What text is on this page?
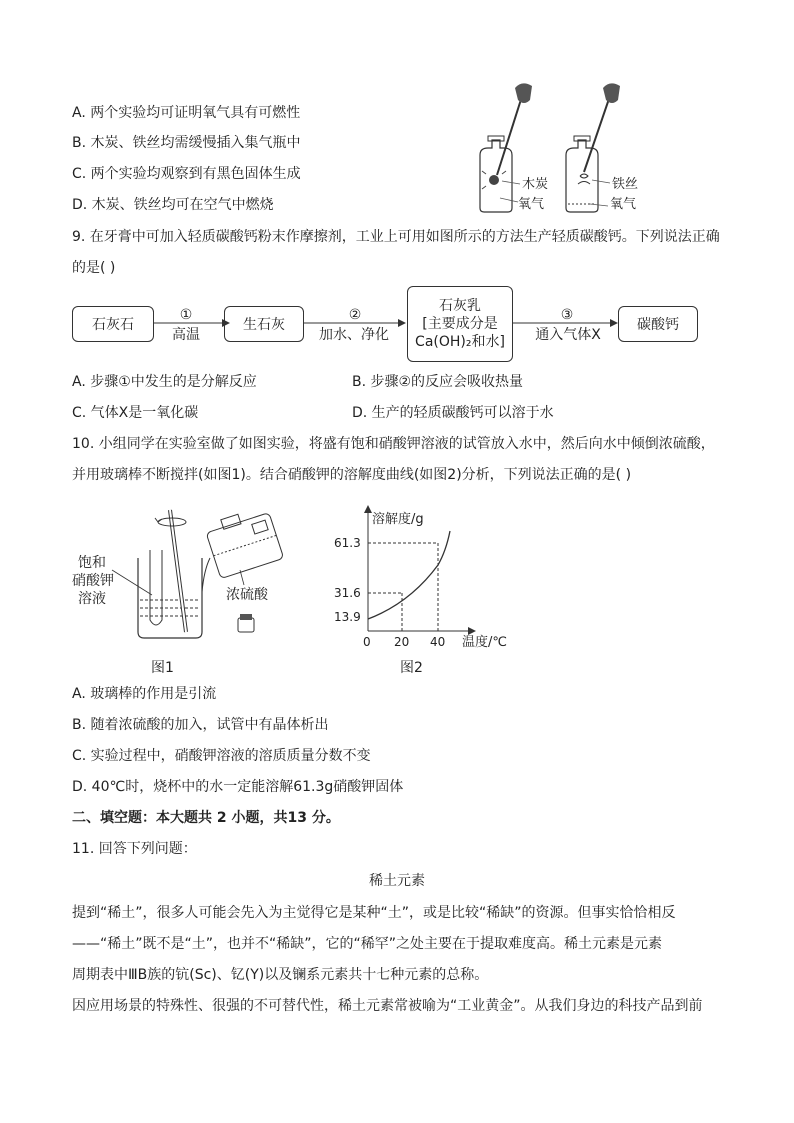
A. 两个实验均可证明氧气具有可燃性
B. 木炭、铁丝均需缓慢插入集气瓶中
C. 两个实验均观察到有黑色固体生成
D. 木炭、铁丝均可在空气中燃烧
木炭
氧气
铁丝
氧气
9. 在牙膏中可加入轻质碳酸钙粉末作摩擦剂，工业上可用如图所示的方法生产轻质碳酸钙。下列说法正确
的是( )
石灰石	生石灰
石灰乳
[主要成分是
Ca(OH)₂和水]
碳酸钙
①
高温
②
加水、净化
③
通入气体X
A. 步骤①中发生的是分解反应	B. 步骤②的反应会吸收热量
C. 气体X是一氧化碳	D. 生产的轻质碳酸钙可以溶于水
10. 小组同学在实验室做了如图实验，将盛有饱和硝酸钾溶液的试管放入水中，然后向水中倾倒浓硫酸，
并用玻璃棒不断搅拌(如图1)。结合硝酸钾的溶解度曲线(如图2)分析，下列说法正确的是( )
饱和
硝酸钾
溶液	浓硫酸
图1
溶解度/g
61.3
31.6
13.9
0 20 40 温度/℃
图2
A. 玻璃棒的作用是引流
B. 随着浓硫酸的加入，试管中有晶体析出
C. 实验过程中，硝酸钾溶液的溶质质量分数不变
D. 40℃时，烧杯中的水一定能溶解61.3g硝酸钾固体
二、填空题：本大题共 2 小题，共13 分。
11. 回答下列问题：
稀土元素
提到“稀土”，很多人可能会先入为主觉得它是某种“土”，或是比较“稀缺”的资源。但事实恰恰相反
——“稀土”既不是“土”，也并不“稀缺”，它的“稀罕”之处主要在于提取难度高。稀土元素是元素
周期表中ⅢB族的钪(Sc)、钇(Y)以及镧系元素共十七种元素的总称。
因应用场景的特殊性、很强的不可替代性，稀土元素常被喻为“工业黄金”。从我们身边的科技产品到前
